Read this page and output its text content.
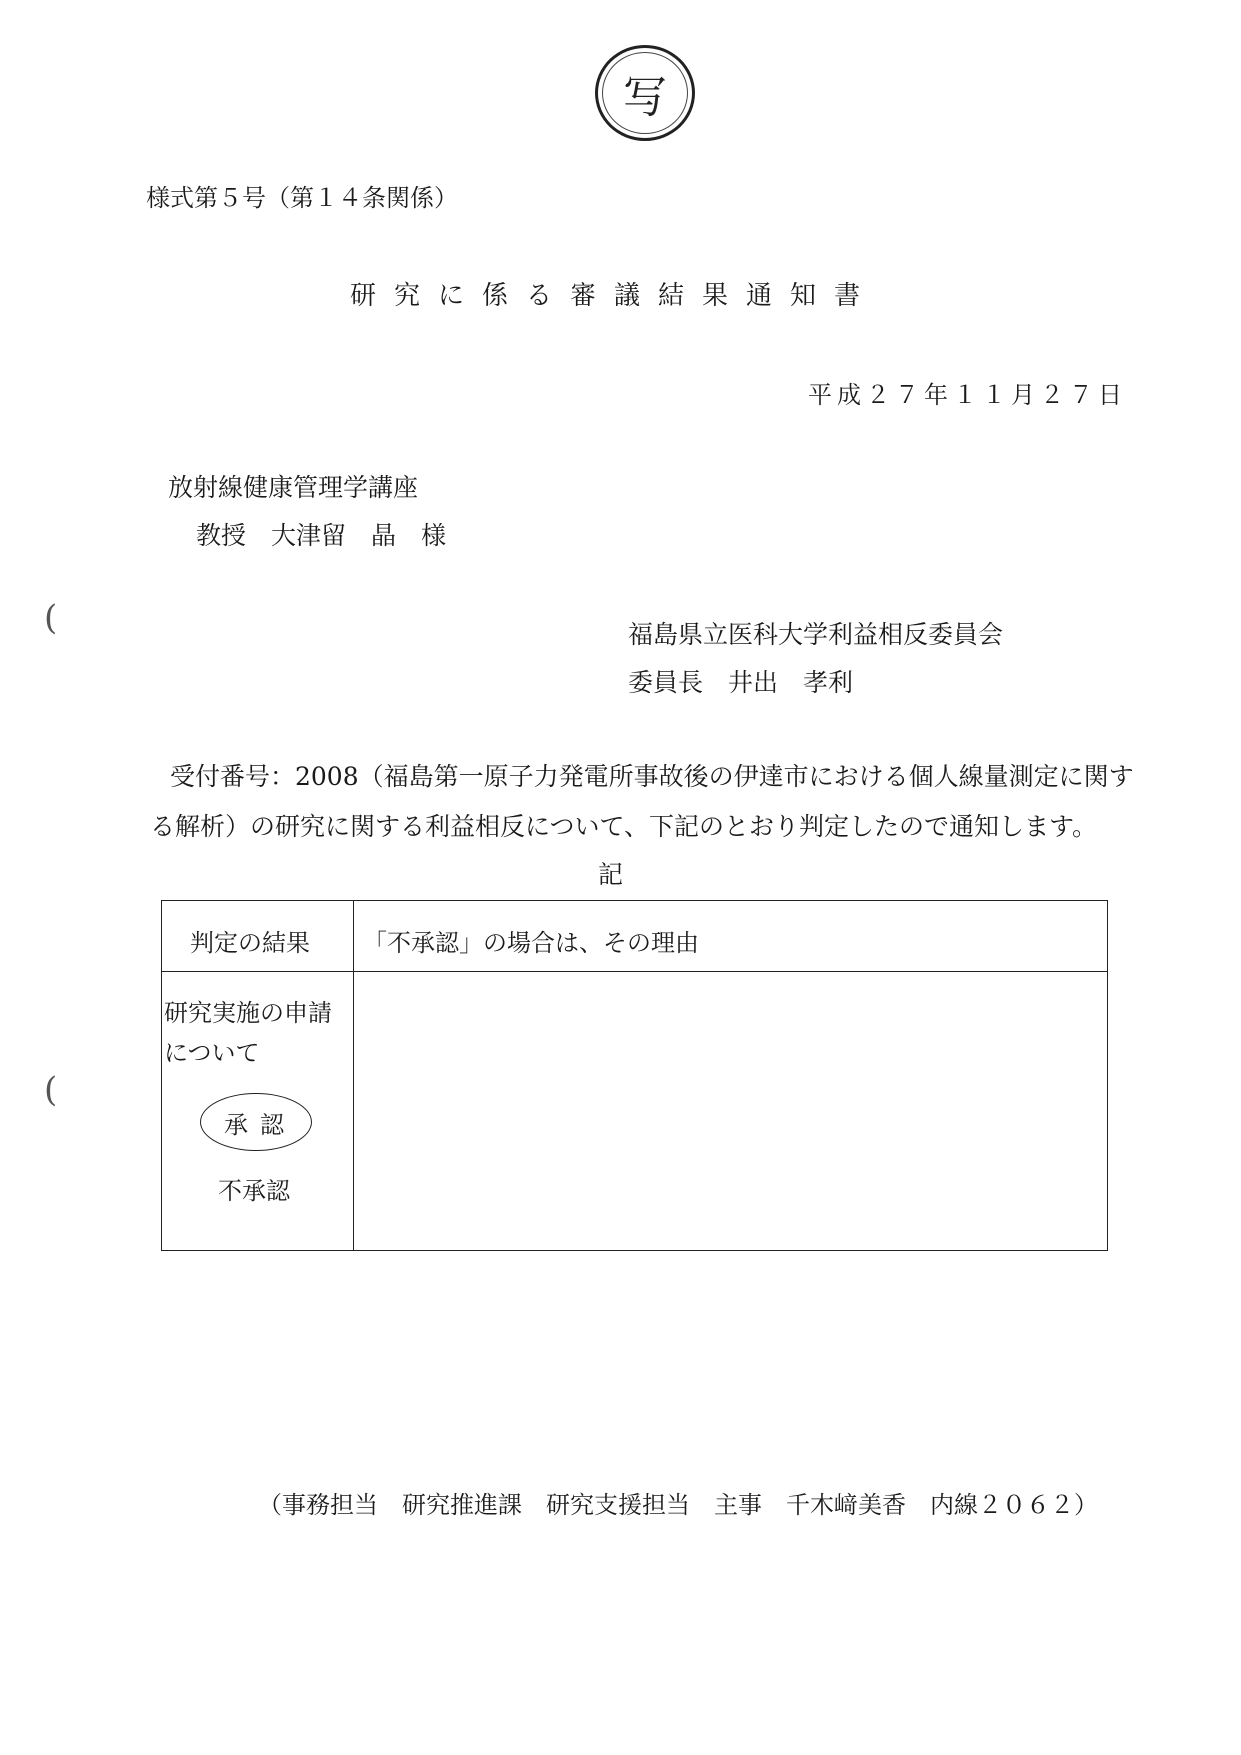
写
様式第５号（第１４条関係）
研究に係る審議結果通知書
平成２７年１１月２７日
放射線健康管理学講座
教授　大津留　晶　様
福島県立医科大学利益相反委員会
委員長　井出　孝利
受付番号：2008（福島第一原子力発電所事故後の伊達市における個人線量測定に関する解析）の研究に関する利益相反について、下記のとおり判定したので通知します。
記
判定の結果 「不承認」の場合は、その理由
研究実施の申請について
承認
不承認
（事務担当　研究推進課　研究支援担当　主事　千木﨑美香　内線２０６２）
(
(
